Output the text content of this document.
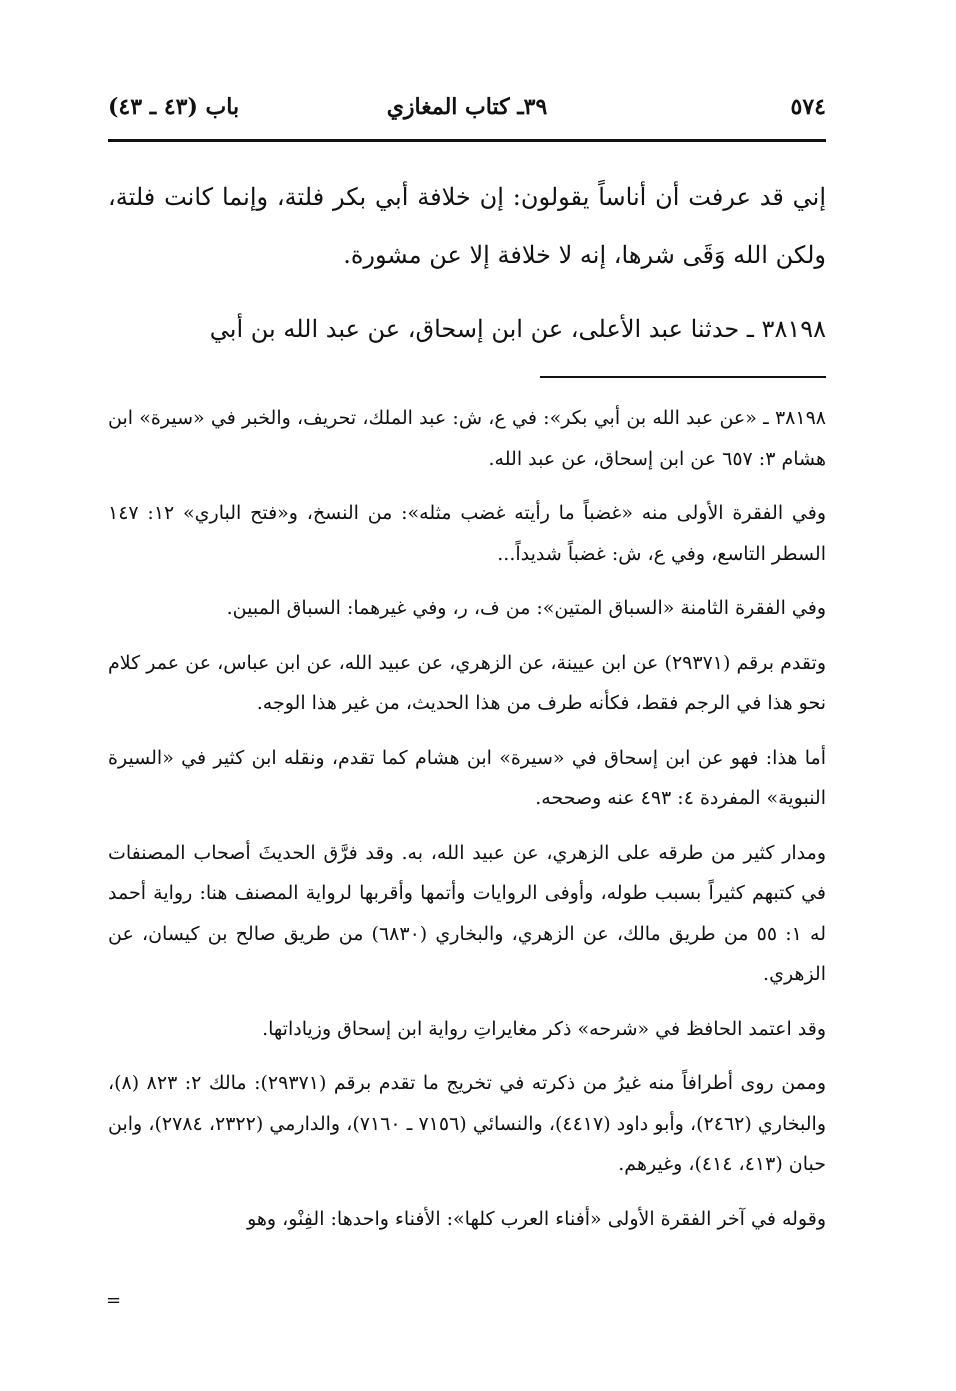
٥٧٤
٣٩ـ كتاب المغازي
باب (٤٣ ـ ٤٣)

إني قد عرفت أن أناساً يقولون: إن خلافة أبي بكر فلتة، وإنما كانت فلتة، ولكن الله وَقَى شرها، إنه لا خلافة إلا عن مشورة.

٣٨١٩٨ ـ حدثنا عبد الأعلى، عن ابن إسحاق، عن عبد الله بن أبي

٣٨١٩٨ ـ «عن عبد الله بن أبي بكر»: في ع، ش: عبد الملك، تحريف، والخبر في «سيرة» ابن هشام ٣: ٦٥٧ عن ابن إسحاق، عن عبد الله.

وفي الفقرة الأولى منه «غضباً ما رأيته غضب مثله»: من النسخ، و«فتح الباري» ١٢: ١٤٧ السطر التاسع، وفي ع، ش: غضباً شديداً...

وفي الفقرة الثامنة «السباق المتين»: من ف، ر، وفي غيرهما: السباق المبين.

وتقدم برقم (٢٩٣٧١) عن ابن عيينة، عن الزهري، عن عبيد الله، عن ابن عباس، عن عمر كلام نحو هذا في الرجم فقط، فكأنه طرف من هذا الحديث، من غير هذا الوجه.

أما هذا: فهو عن ابن إسحاق في «سيرة» ابن هشام كما تقدم، ونقله ابن كثير في «السيرة النبوية» المفردة ٤: ٤٩٣ عنه وصححه.

ومدار كثير من طرقه على الزهري، عن عبيد الله، به. وقد فرَّق الحديثَ أصحاب المصنفات في كتبهم كثيراً بسبب طوله، وأوفى الروايات وأتمها وأقربها لرواية المصنف هنا: رواية أحمد له ١: ٥٥ من طريق مالك، عن الزهري، والبخاري (٦٨٣٠) من طريق صالح بن كيسان، عن الزهري.

وقد اعتمد الحافظ في «شرحه» ذكر مغايراتِ رواية ابن إسحاق وزياداتها.

وممن روى أطرافاً منه غيرُ من ذكرته في تخريج ما تقدم برقم (٢٩٣٧١): مالك ٢: ٨٢٣ (٨)، والبخاري (٢٤٦٢)، وأبو داود (٤٤١٧)، والنسائي (٧١٥٦ ـ ٧١٦٠)، والدارمي (٢٣٢٢، ٢٧٨٤)، وابن حبان (٤١٣، ٤١٤)، وغيرهم.

وقوله في آخر الفقرة الأولى «أفناء العرب كلها»: الأفناء واحدها: الفِنْو، وهو

=
